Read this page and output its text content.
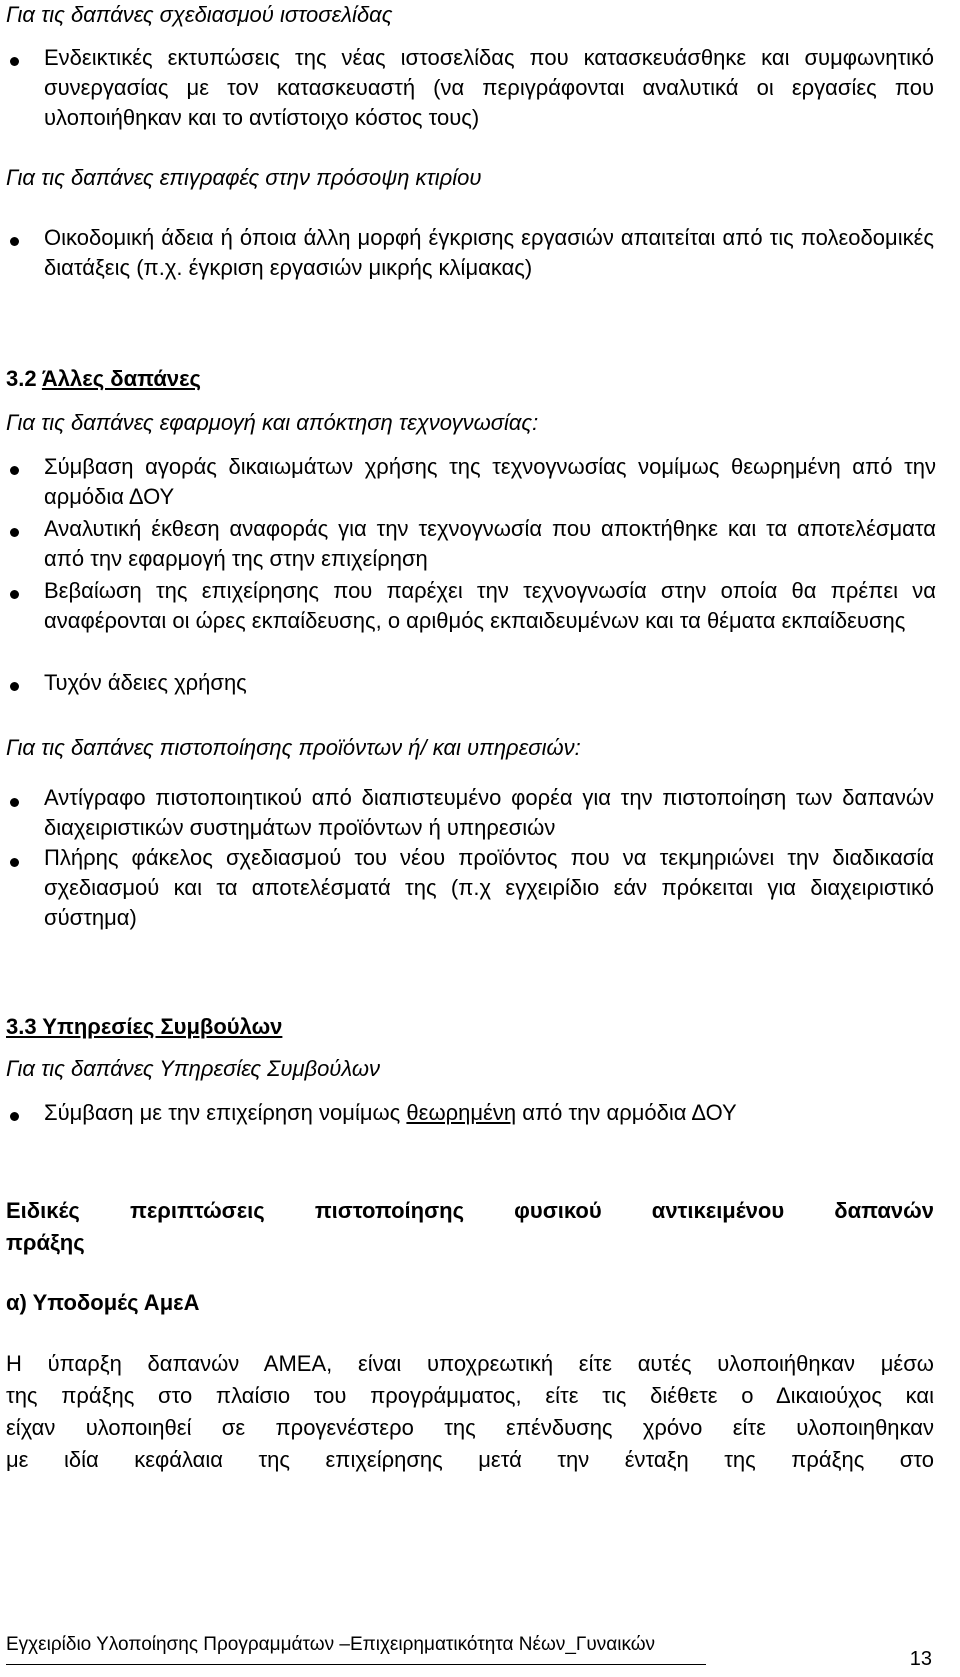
Για τις δαπάνες σχεδιασμού ιστοσελίδας
Ενδεικτικές εκτυπώσεις της νέας ιστοσελίδας που κατασκευάσθηκε και συμφωνητικό συνεργασίας με τον κατασκευαστή (να περιγράφονται αναλυτικά οι εργασίες που υλοποιήθηκαν και το αντίστοιχο κόστος τους)
Για τις δαπάνες επιγραφές στην πρόσοψη κτιρίου
Οικοδομική άδεια ή όποια άλλη μορφή έγκρισης εργασιών απαιτείται από τις πολεοδομικές διατάξεις (π.χ. έγκριση εργασιών μικρής κλίμακας)
3.2 Άλλες δαπάνες
Για τις δαπάνες εφαρμογή και απόκτηση τεχνογνωσίας:
Σύμβαση αγοράς δικαιωμάτων χρήσης της τεχνογνωσίας νομίμως θεωρημένη από την αρμόδια ΔΟΥ
Αναλυτική έκθεση αναφοράς για την τεχνογνωσία που αποκτήθηκε και τα αποτελέσματα από την εφαρμογή της στην επιχείρηση
Βεβαίωση της επιχείρησης που παρέχει την τεχνογνωσία στην οποία θα πρέπει να αναφέρονται οι ώρες εκπαίδευσης, ο αριθμός εκπαιδευμένων και τα θέματα εκπαίδευσης
Τυχόν άδειες χρήσης
Για τις δαπάνες πιστοποίησης προϊόντων ή/ και υπηρεσιών:
Αντίγραφο πιστοποιητικού από διαπιστευμένο φορέα για την πιστοποίηση των δαπανών διαχειριστικών συστημάτων προϊόντων ή υπηρεσιών
Πλήρης φάκελος σχεδιασμού του νέου προϊόντος που να τεκμηριώνει την διαδικασία σχεδιασμού και τα αποτελέσματά της (π.χ εγχειρίδιο εάν πρόκειται για διαχειριστικό σύστημα)
3.3 Υπηρεσίες Συμβούλων
Για τις δαπάνες Υπηρεσίες Συμβούλων
Σύμβαση με την επιχείρηση νομίμως θεωρημένη από την αρμόδια ΔΟΥ
Ειδικές περιπτώσεις πιστοποίησης φυσικού αντικειμένου δαπανών
πράξης
α) Υποδομές ΑμεΑ
Η ύπαρξη δαπανών ΑΜΕΑ, είναι υποχρεωτική είτε αυτές υλοποιήθηκαν μέσω
της πράξης στο πλαίσιο του προγράμματος, είτε τις διέθετε ο Δικαιούχος και
είχαν υλοποιηθεί σε προγενέστερο της επένδυσης χρόνο είτε υλοποιηθηκαν
με ιδία κεφάλαια της επιχείρησης μετά την ένταξη της πράξης στο
Εγχειρίδιο Υλοποίησης Προγραμμάτων –Επιχειρηματικότητα Νέων_Γυναικών
13
